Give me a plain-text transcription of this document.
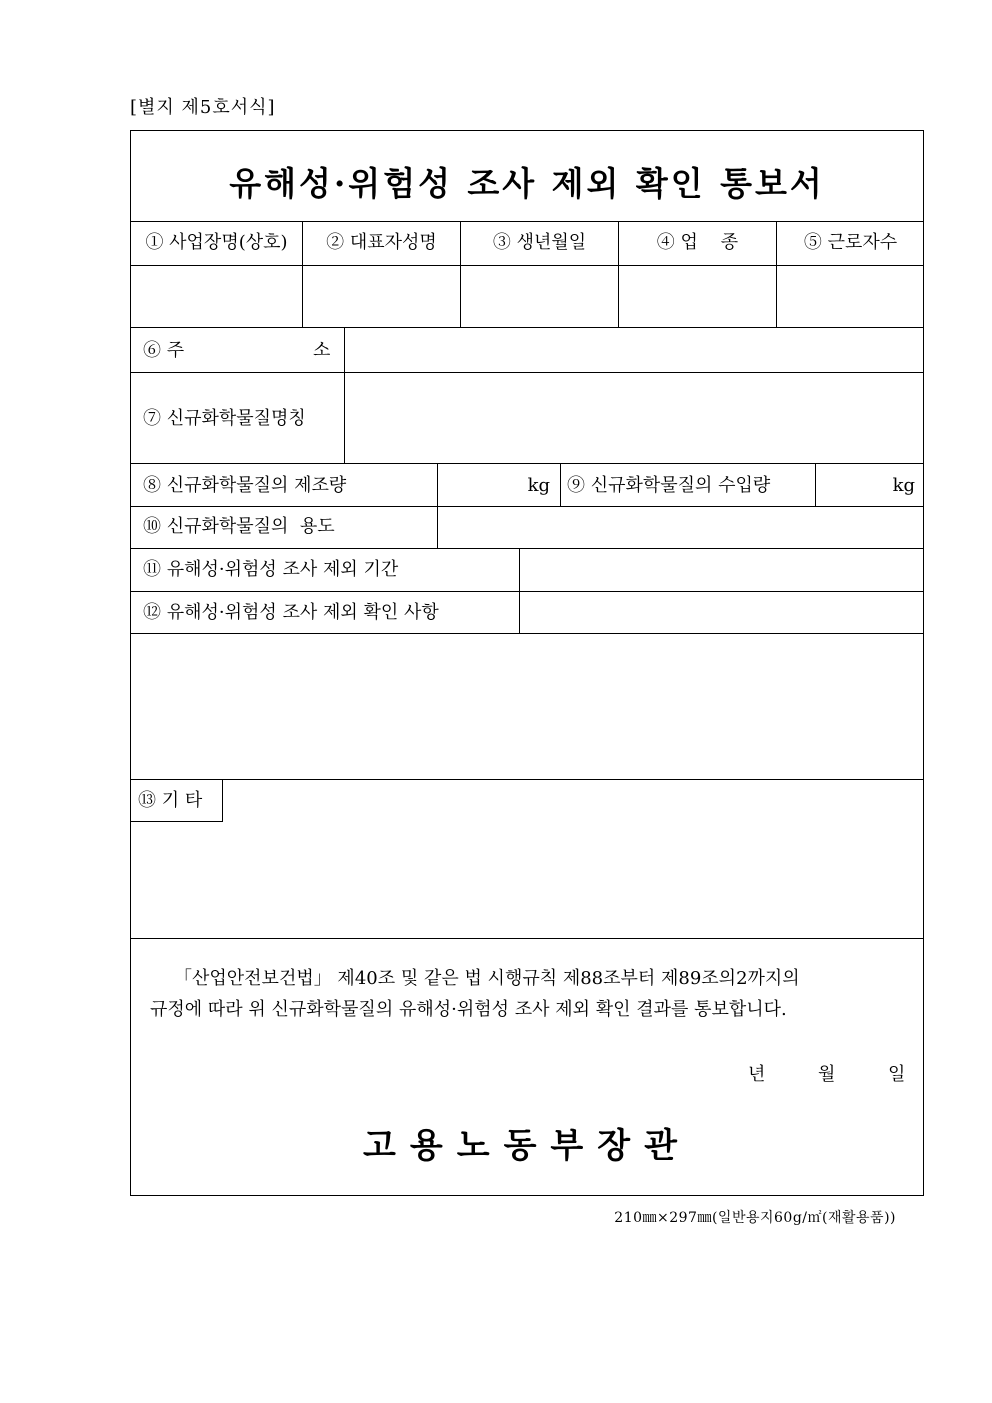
[별지 제5호서식]
유해성·위험성 조사 제외 확인 통보서
① 사업장명(상호)	② 대표자성명	③ 생년월일	④ 업    종	⑤ 근로자수
⑥ 주	소
⑦ 신규화학물질명칭
⑧ 신규화학물질의 제조량	kg ⑨ 신규화학물질의 수입량	kg
⑩ 신규화학물질의  용도
⑪ 유해성·위험성 조사 제외 기간
⑫ 유해성·위험성 조사 제외 확인 사항
⑬ 기 타
「산업안전보건법」 제40조 및 같은 법 시행규칙 제88조부터 제89조의2까지의
규정에 따라 위 신규화학물질의 유해성·위험성 조사 제외 확인 결과를 통보합니다.
년	월	일
고용노동부장관
210㎜×297㎜(일반용지60g/㎡(재활용품))
